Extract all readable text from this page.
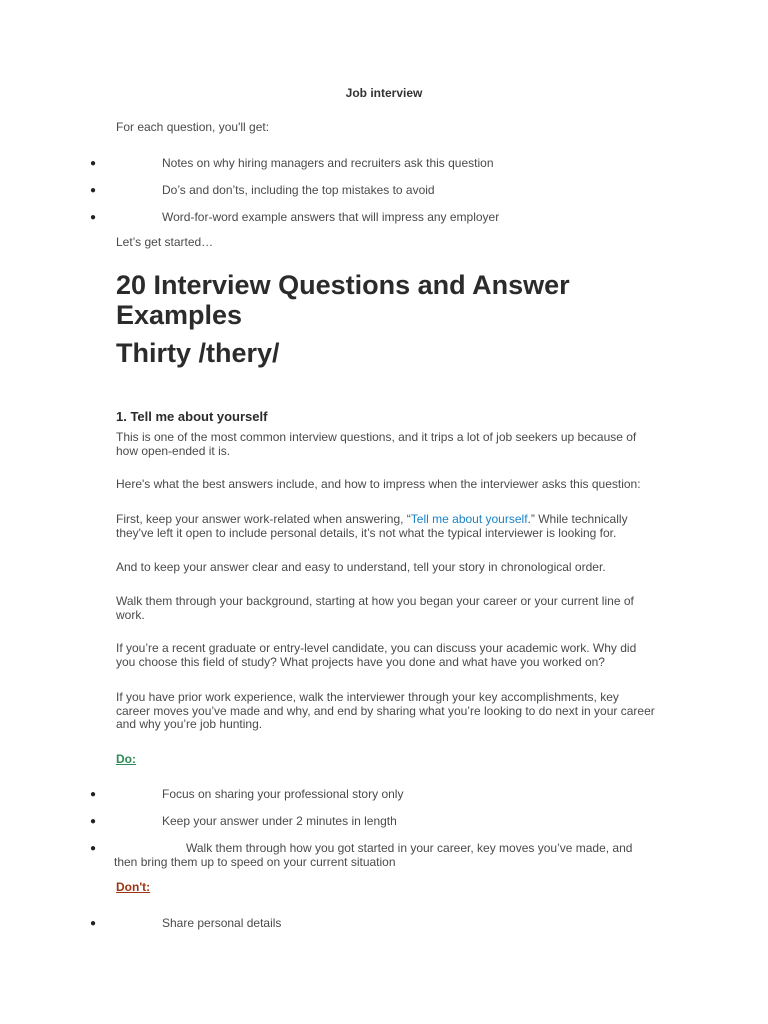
Job interview
For each question, you'll get:
●	Notes on why hiring managers and recruiters ask this question
●	Do’s and don’ts, including the top mistakes to avoid
●	Word-for-word example answers that will impress any employer
Let’s get started…
20 Interview Questions and Answer Examples
Thirty /thery/
1. Tell me about yourself
This is one of the most common interview questions, and it trips a lot of job seekers up because of how open-ended it is.
Here's what the best answers include, and how to impress when the interviewer asks this question:
First, keep your answer work-related when answering, “Tell me about yourself.” While technically they've left it open to include personal details, it’s not what the typical interviewer is looking for.
And to keep your answer clear and easy to understand, tell your story in chronological order.
Walk them through your background, starting at how you began your career or your current line of work.
If you’re a recent graduate or entry-level candidate, you can discuss your academic work. Why did you choose this field of study? What projects have you done and what have you worked on?
If you have prior work experience, walk the interviewer through your key accomplishments, key career moves you’ve made and why, and end by sharing what you’re looking to do next in your career and why you’re job hunting.
Do:
●	Focus on sharing your professional story only
●	Keep your answer under 2 minutes in length
●	Walk them through how you got started in your career, key moves you’ve made, and then bring them up to speed on your current situation
Don't:
●	Share personal details
